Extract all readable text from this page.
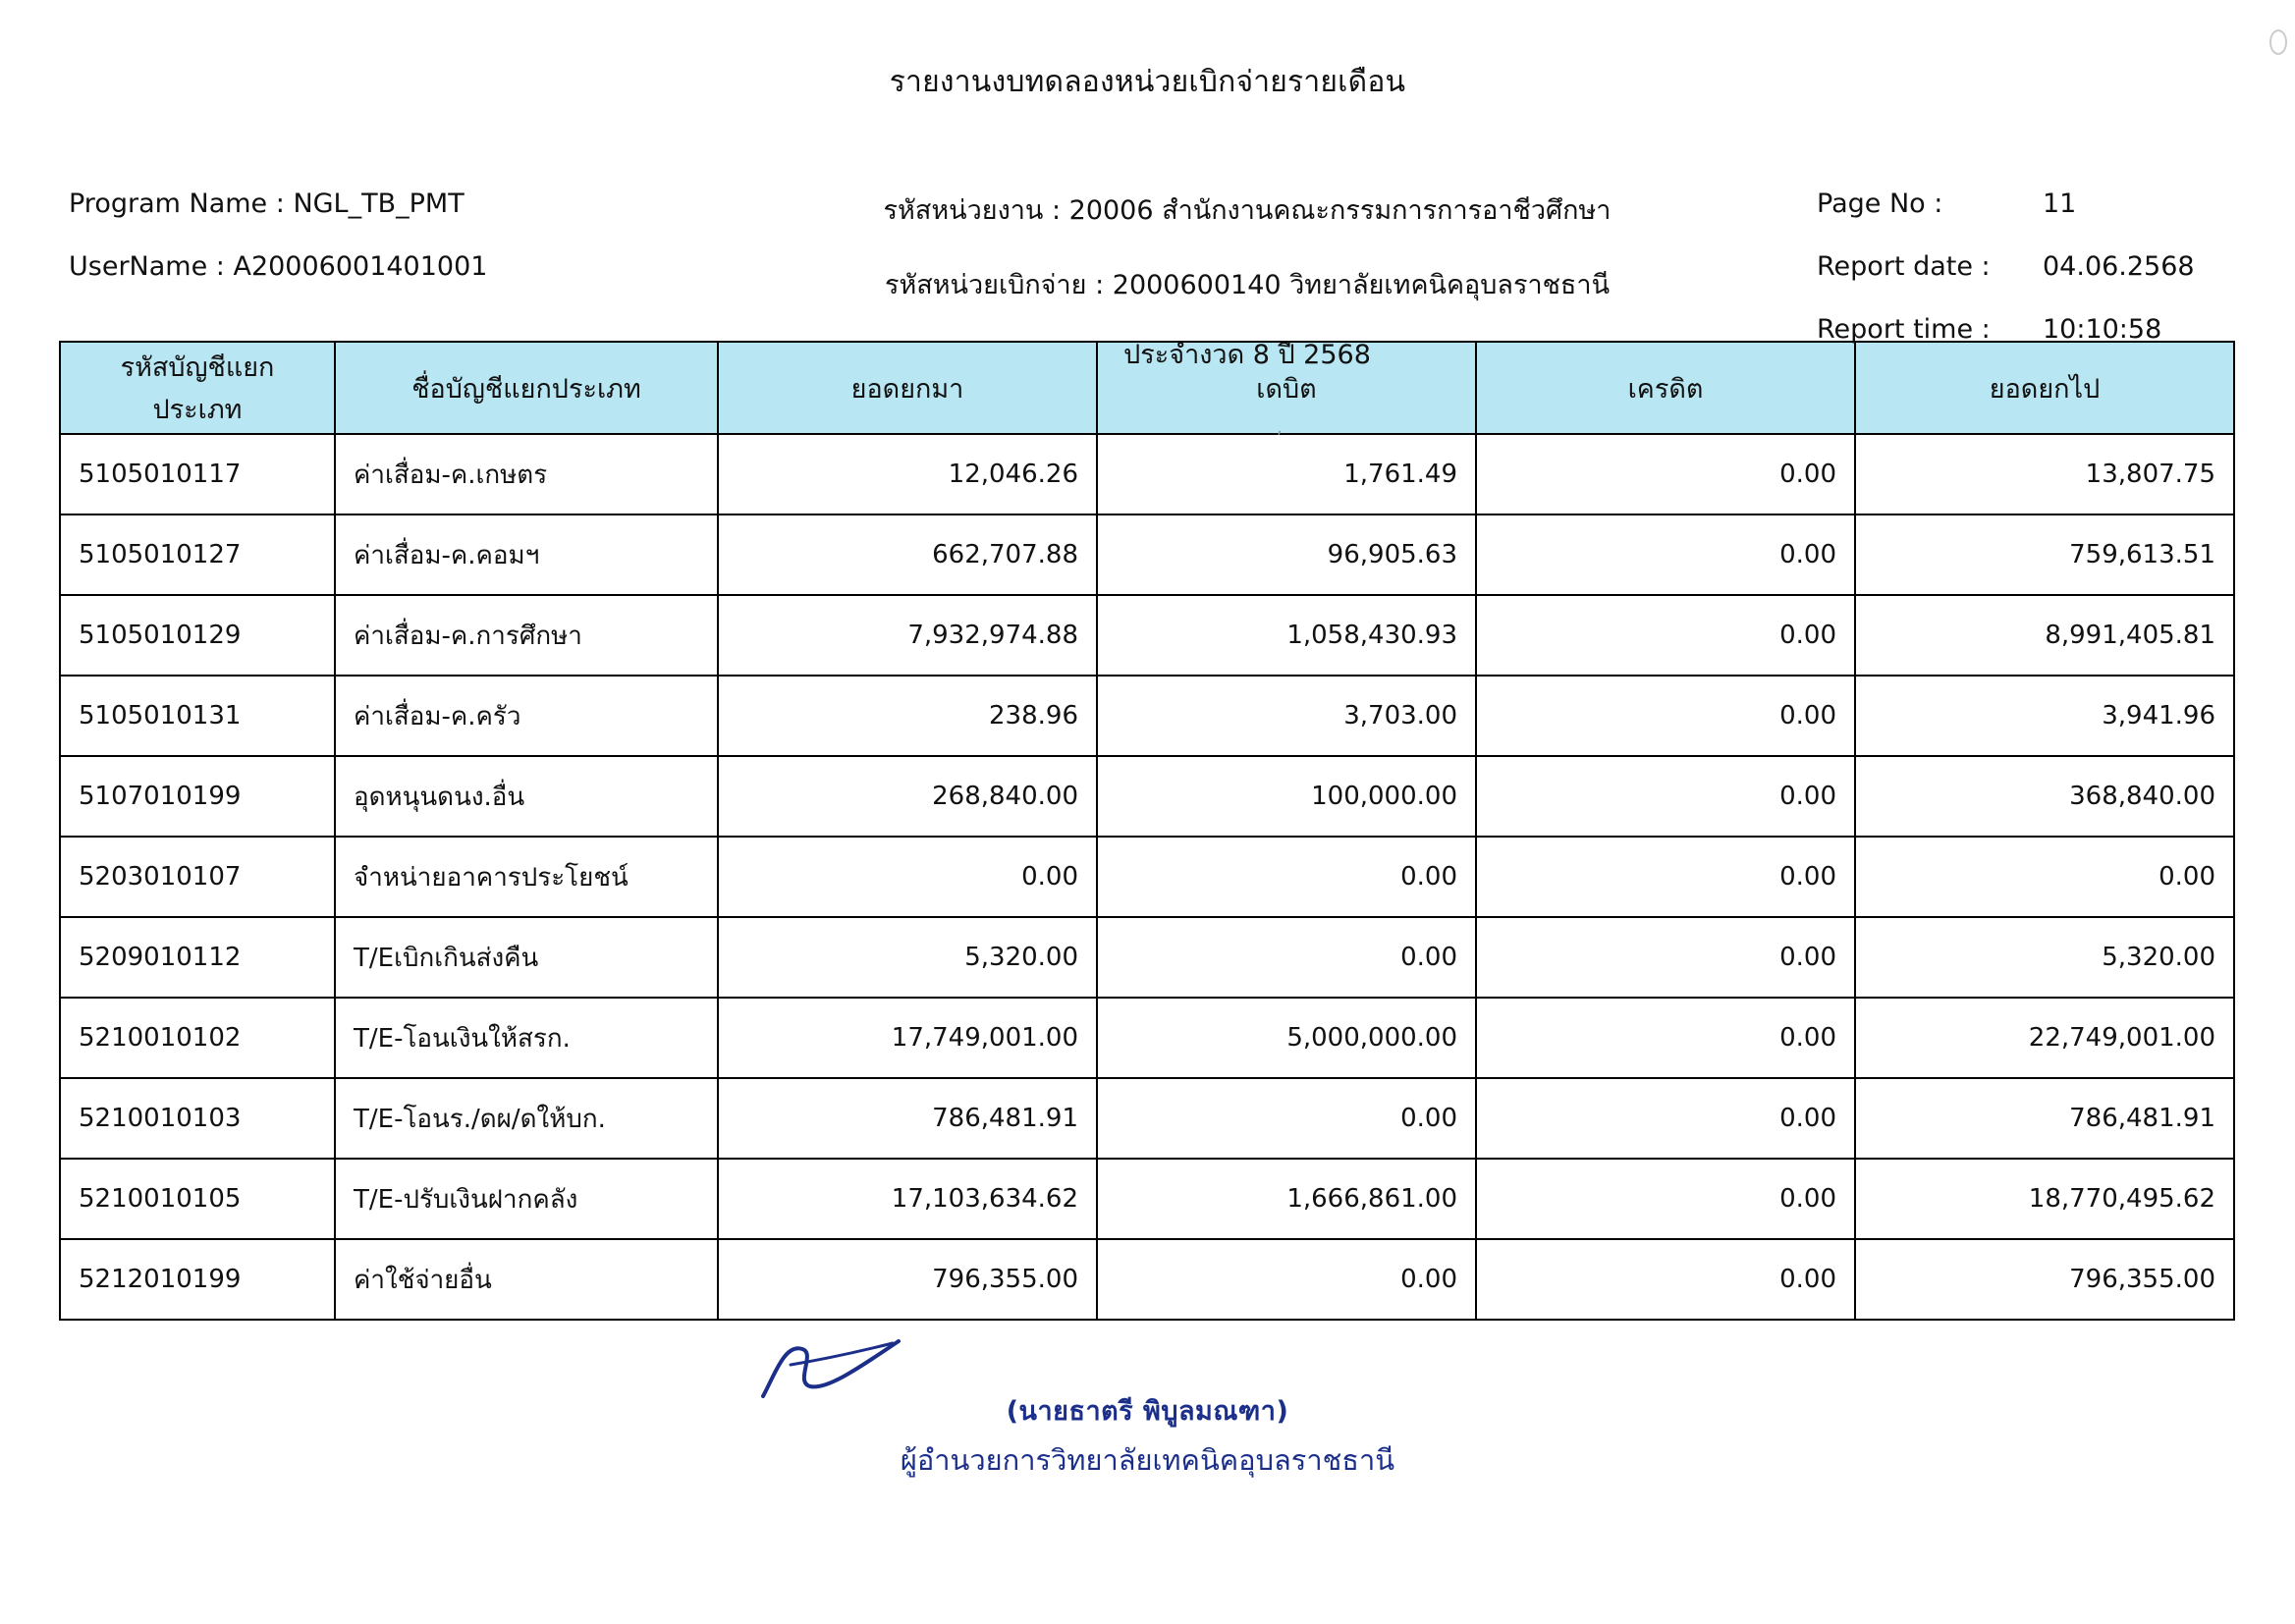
รายงานงบทดลองหน่วยเบิกจ่ายรายเดือน
Program Name : NGL_TB_PMT
UserName : A20006001401001
รหัสหน่วยงาน : 20006 สำนักงานคณะกรรมการการอาชีวศึกษา
รหัสหน่วยเบิกจ่าย : 2000600140 วิทยาลัยเทคนิคอุบลราชธานี
ประจำงวด 8 ปี 2568
Page No :	11
Report date :	04.06.2568
Report time :	10:10:58
,
รหัสบัญชีแยกประเภท	ชื่อบัญชีแยกประเภท	ยอดยกมา	เดบิต	เครดิต	ยอดยกไป
5105010117	ค่าเสื่อม-ค.เกษตร	12,046.26	1,761.49	0.00	13,807.75
5105010127	ค่าเสื่อม-ค.คอมฯ	662,707.88	96,905.63	0.00	759,613.51
5105010129	ค่าเสื่อม-ค.การศึกษา	7,932,974.88	1,058,430.93	0.00	8,991,405.81
5105010131	ค่าเสื่อม-ค.ครัว	238.96	3,703.00	0.00	3,941.96
5107010199	อุดหนุนดนง.อื่น	268,840.00	100,000.00	0.00	368,840.00
5203010107	จำหน่ายอาคารประโยชน์	0.00	0.00	0.00	0.00
5209010112	T/Eเบิกเกินส่งคืน	5,320.00	0.00	0.00	5,320.00
5210010102	T/E-โอนเงินให้สรก.	17,749,001.00	5,000,000.00	0.00	22,749,001.00
5210010103	T/E-โอนร./ดผ/ดให้บก.	786,481.91	0.00	0.00	786,481.91
5210010105	T/E-ปรับเงินฝากคลัง	17,103,634.62	1,666,861.00	0.00	18,770,495.62
5212010199	ค่าใช้จ่ายอื่น	796,355.00	0.00	0.00	796,355.00
(นายธาตรี พิบูลมณฑา)
ผู้อำนวยการวิทยาลัยเทคนิคอุบลราชธานี
